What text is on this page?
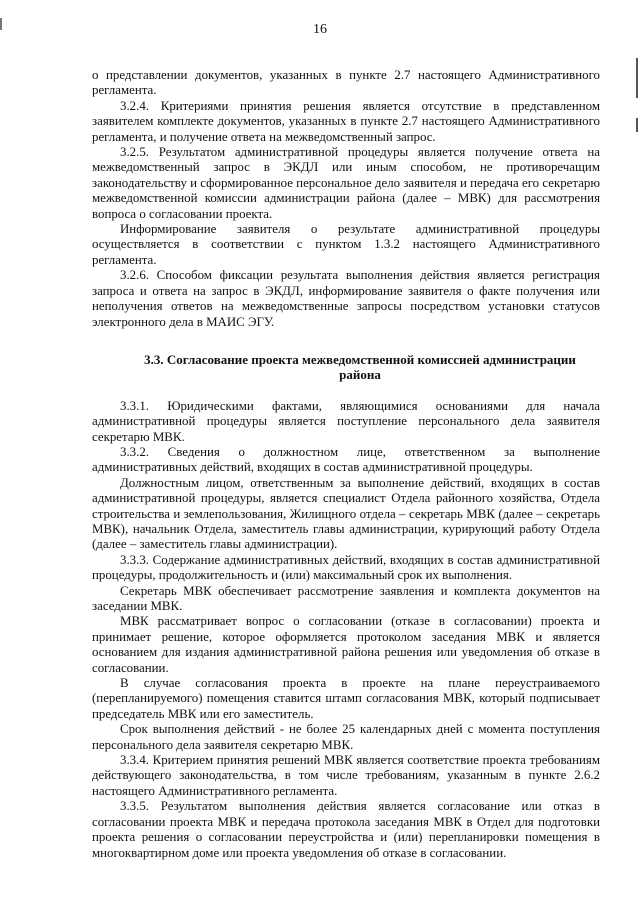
16

о представлении документов, указанных в пункте 2.7 настоящего Административного регламента.

3.2.4. Критериями принятия решения является отсутствие в представленном заявителем комплекте документов, указанных в пункте 2.7 настоящего Административного регламента, и получение ответа на межведомственный запрос.

3.2.5. Результатом административной процедуры является получение ответа на межведомственный запрос в ЭКДЛ или иным способом, не противоречащим законодательству и сформированное персональное дело заявителя и передача его секретарю межведомственной комиссии администрации района (далее – МВК) для рассмотрения вопроса о согласовании проекта.

Информирование заявителя о результате административной процедуры осуществляется в соответствии с пунктом 1.3.2 настоящего Административного регламента.

3.2.6. Способом фиксации результата выполнения действия является регистрация запроса и ответа на запрос в ЭКДЛ, информирование заявителя о факте получения или неполучения ответов на межведомственные запросы посредством установки статусов электронного дела в МАИС ЭГУ.

3.3. Согласование проекта межведомственной комиссией администрации района

3.3.1. Юридическими фактами, являющимися основаниями для начала административной процедуры является поступление персонального дела заявителя секретарю МВК.

3.3.2. Сведения о должностном лице, ответственном за выполнение административных действий, входящих в состав административной процедуры.

Должностным лицом, ответственным за выполнение действий, входящих в состав административной процедуры, является специалист Отдела районного хозяйства, Отдела строительства и землепользования, Жилищного отдела – секретарь МВК (далее – секретарь МВК), начальник Отдела, заместитель главы администрации, курирующий работу Отдела (далее – заместитель главы администрации).

3.3.3. Содержание административных действий, входящих в состав административной процедуры, продолжительность и (или) максимальный срок их выполнения.

Секретарь МВК обеспечивает рассмотрение заявления и комплекта документов на заседании МВК.

МВК рассматривает вопрос о согласовании (отказе в согласовании) проекта и принимает решение, которое оформляется протоколом заседания МВК и является основанием для издания административной района решения или уведомления об отказе в согласовании.

В случае согласования проекта в проекте на плане переустраиваемого (перепланируемого) помещения ставится штамп согласования МВК, который подписывает председатель МВК или его заместитель.

Срок выполнения действий - не более 25 календарных дней с момента поступления персонального дела заявителя секретарю МВК.

3.3.4. Критерием принятия решений МВК является соответствие проекта требованиям действующего законодательства, в том числе требованиям, указанным в пункте 2.6.2 настоящего Административного регламента.

3.3.5. Результатом выполнения действия является согласование или отказ в согласовании проекта МВК и передача протокола заседания МВК в Отдел для подготовки проекта решения о согласовании переустройства и (или) перепланировки помещения в многоквартирном доме или проекта уведомления об отказе в согласовании.
